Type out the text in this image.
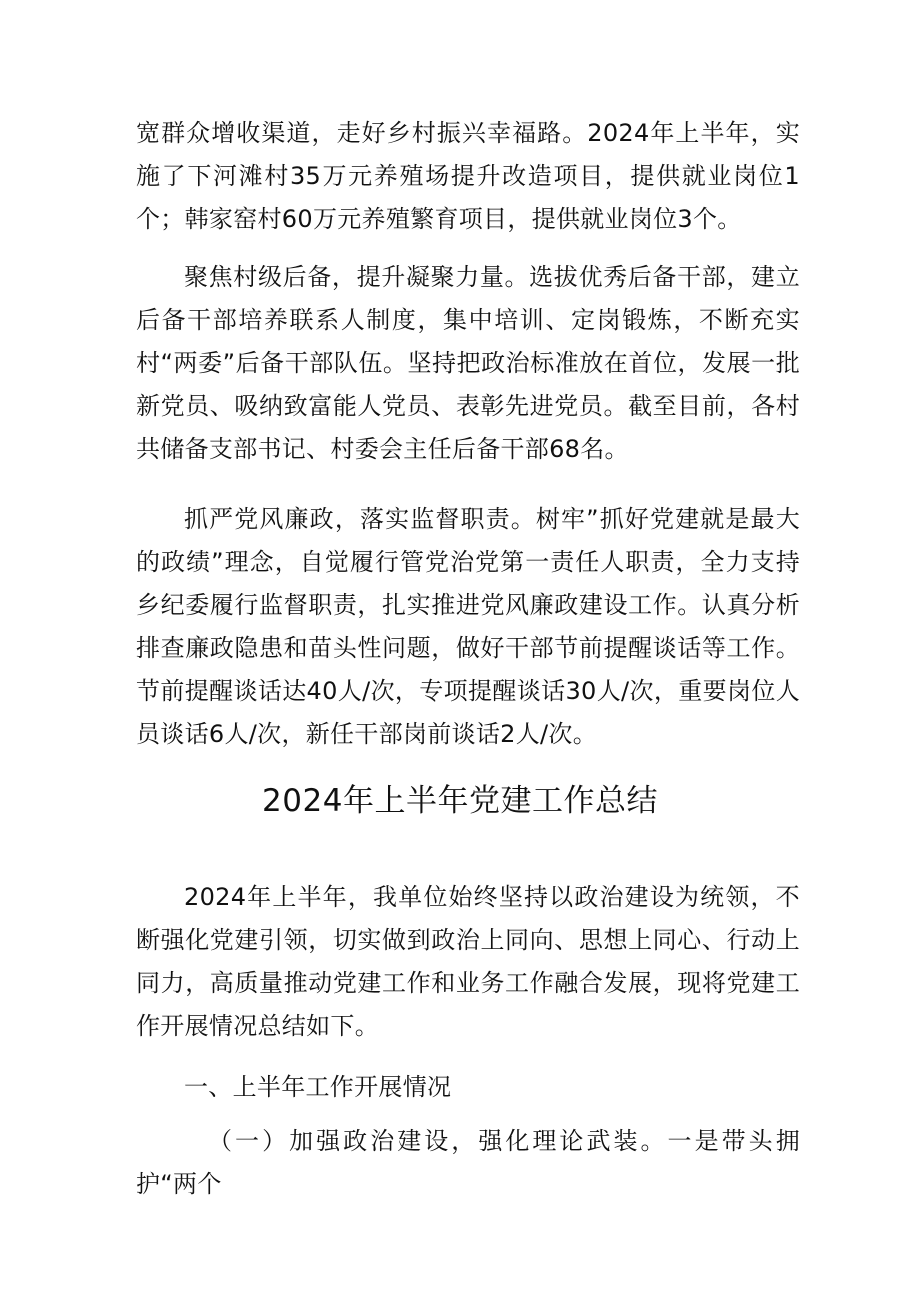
宽群众增收渠道，走好乡村振兴幸福路。2024年上半年，实施了下河滩村35万元养殖场提升改造项目，提供就业岗位1个；韩家窑村60万元养殖繁育项目，提供就业岗位3个。

聚焦村级后备，提升凝聚力量。选拔优秀后备干部，建立后备干部培养联系人制度，集中培训、定岗锻炼，不断充实村“两委”后备干部队伍。坚持把政治标准放在首位，发展一批新党员、吸纳致富能人党员、表彰先进党员。截至目前，各村共储备支部书记、村委会主任后备干部68名。

抓严党风廉政，落实监督职责。树牢”抓好党建就是最大的政绩”理念，自觉履行管党治党第一责任人职责，全力支持乡纪委履行监督职责，扎实推进党风廉政建设工作。认真分析排查廉政隐患和苗头性问题，做好干部节前提醒谈话等工作。节前提醒谈话达40人/次，专项提醒谈话30人/次，重要岗位人员谈话6人/次，新任干部岗前谈话2人/次。

2024年上半年党建工作总结

2024年上半年，我单位始终坚持以政治建设为统领，不断强化党建引领，切实做到政治上同向、思想上同心、行动上同力，高质量推动党建工作和业务工作融合发展，现将党建工作开展情况总结如下。

一、上半年工作开展情况

（一）加强政治建设，强化理论武装。一是带头拥护“两个
